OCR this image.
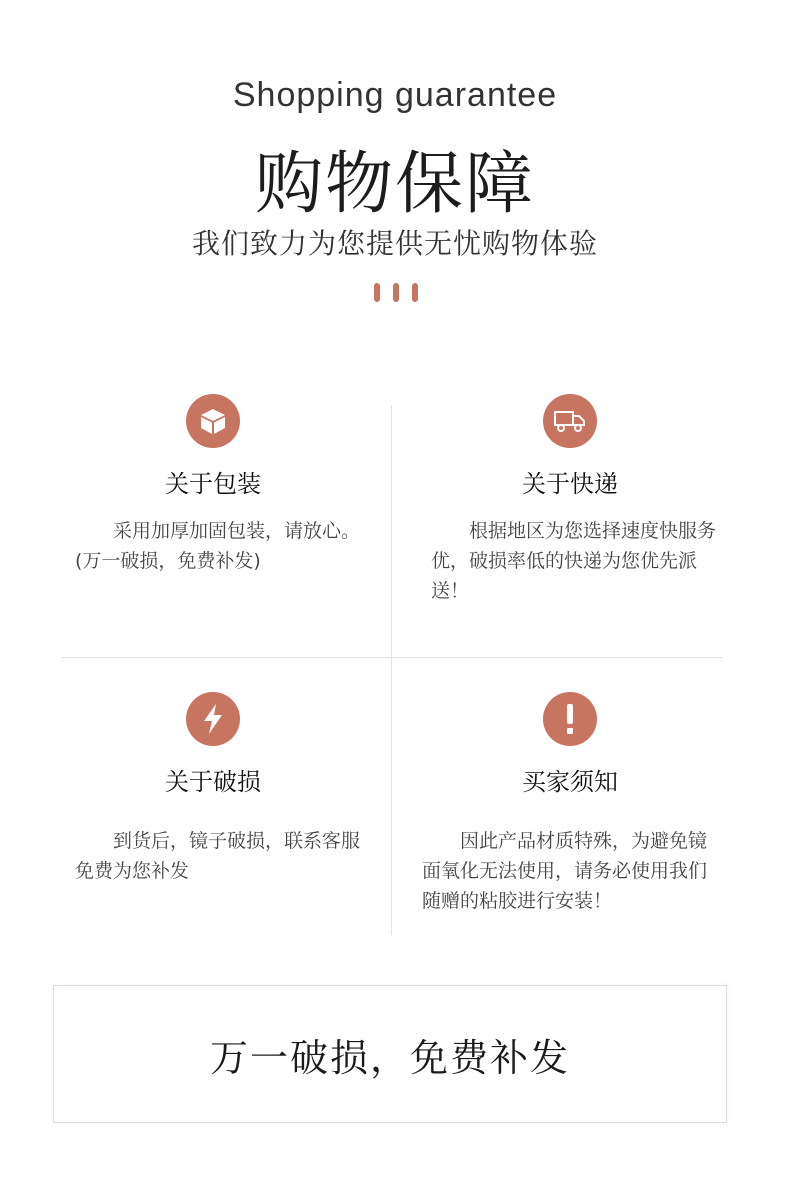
Shopping guarantee
购物保障
我们致力为您提供无忧购物体验
关于包装
采用加厚加固包装，请放心。(万一破损，免费补发)
关于快递
根据地区为您选择速度快服务优，破损率低的快递为您优先派送！
关于破损
到货后，镜子破损，联系客服免费为您补发
买家须知
因此产品材质特殊，为避免镜面氧化无法使用，请务必使用我们随赠的粘胶进行安装！
万一破损，免费补发
